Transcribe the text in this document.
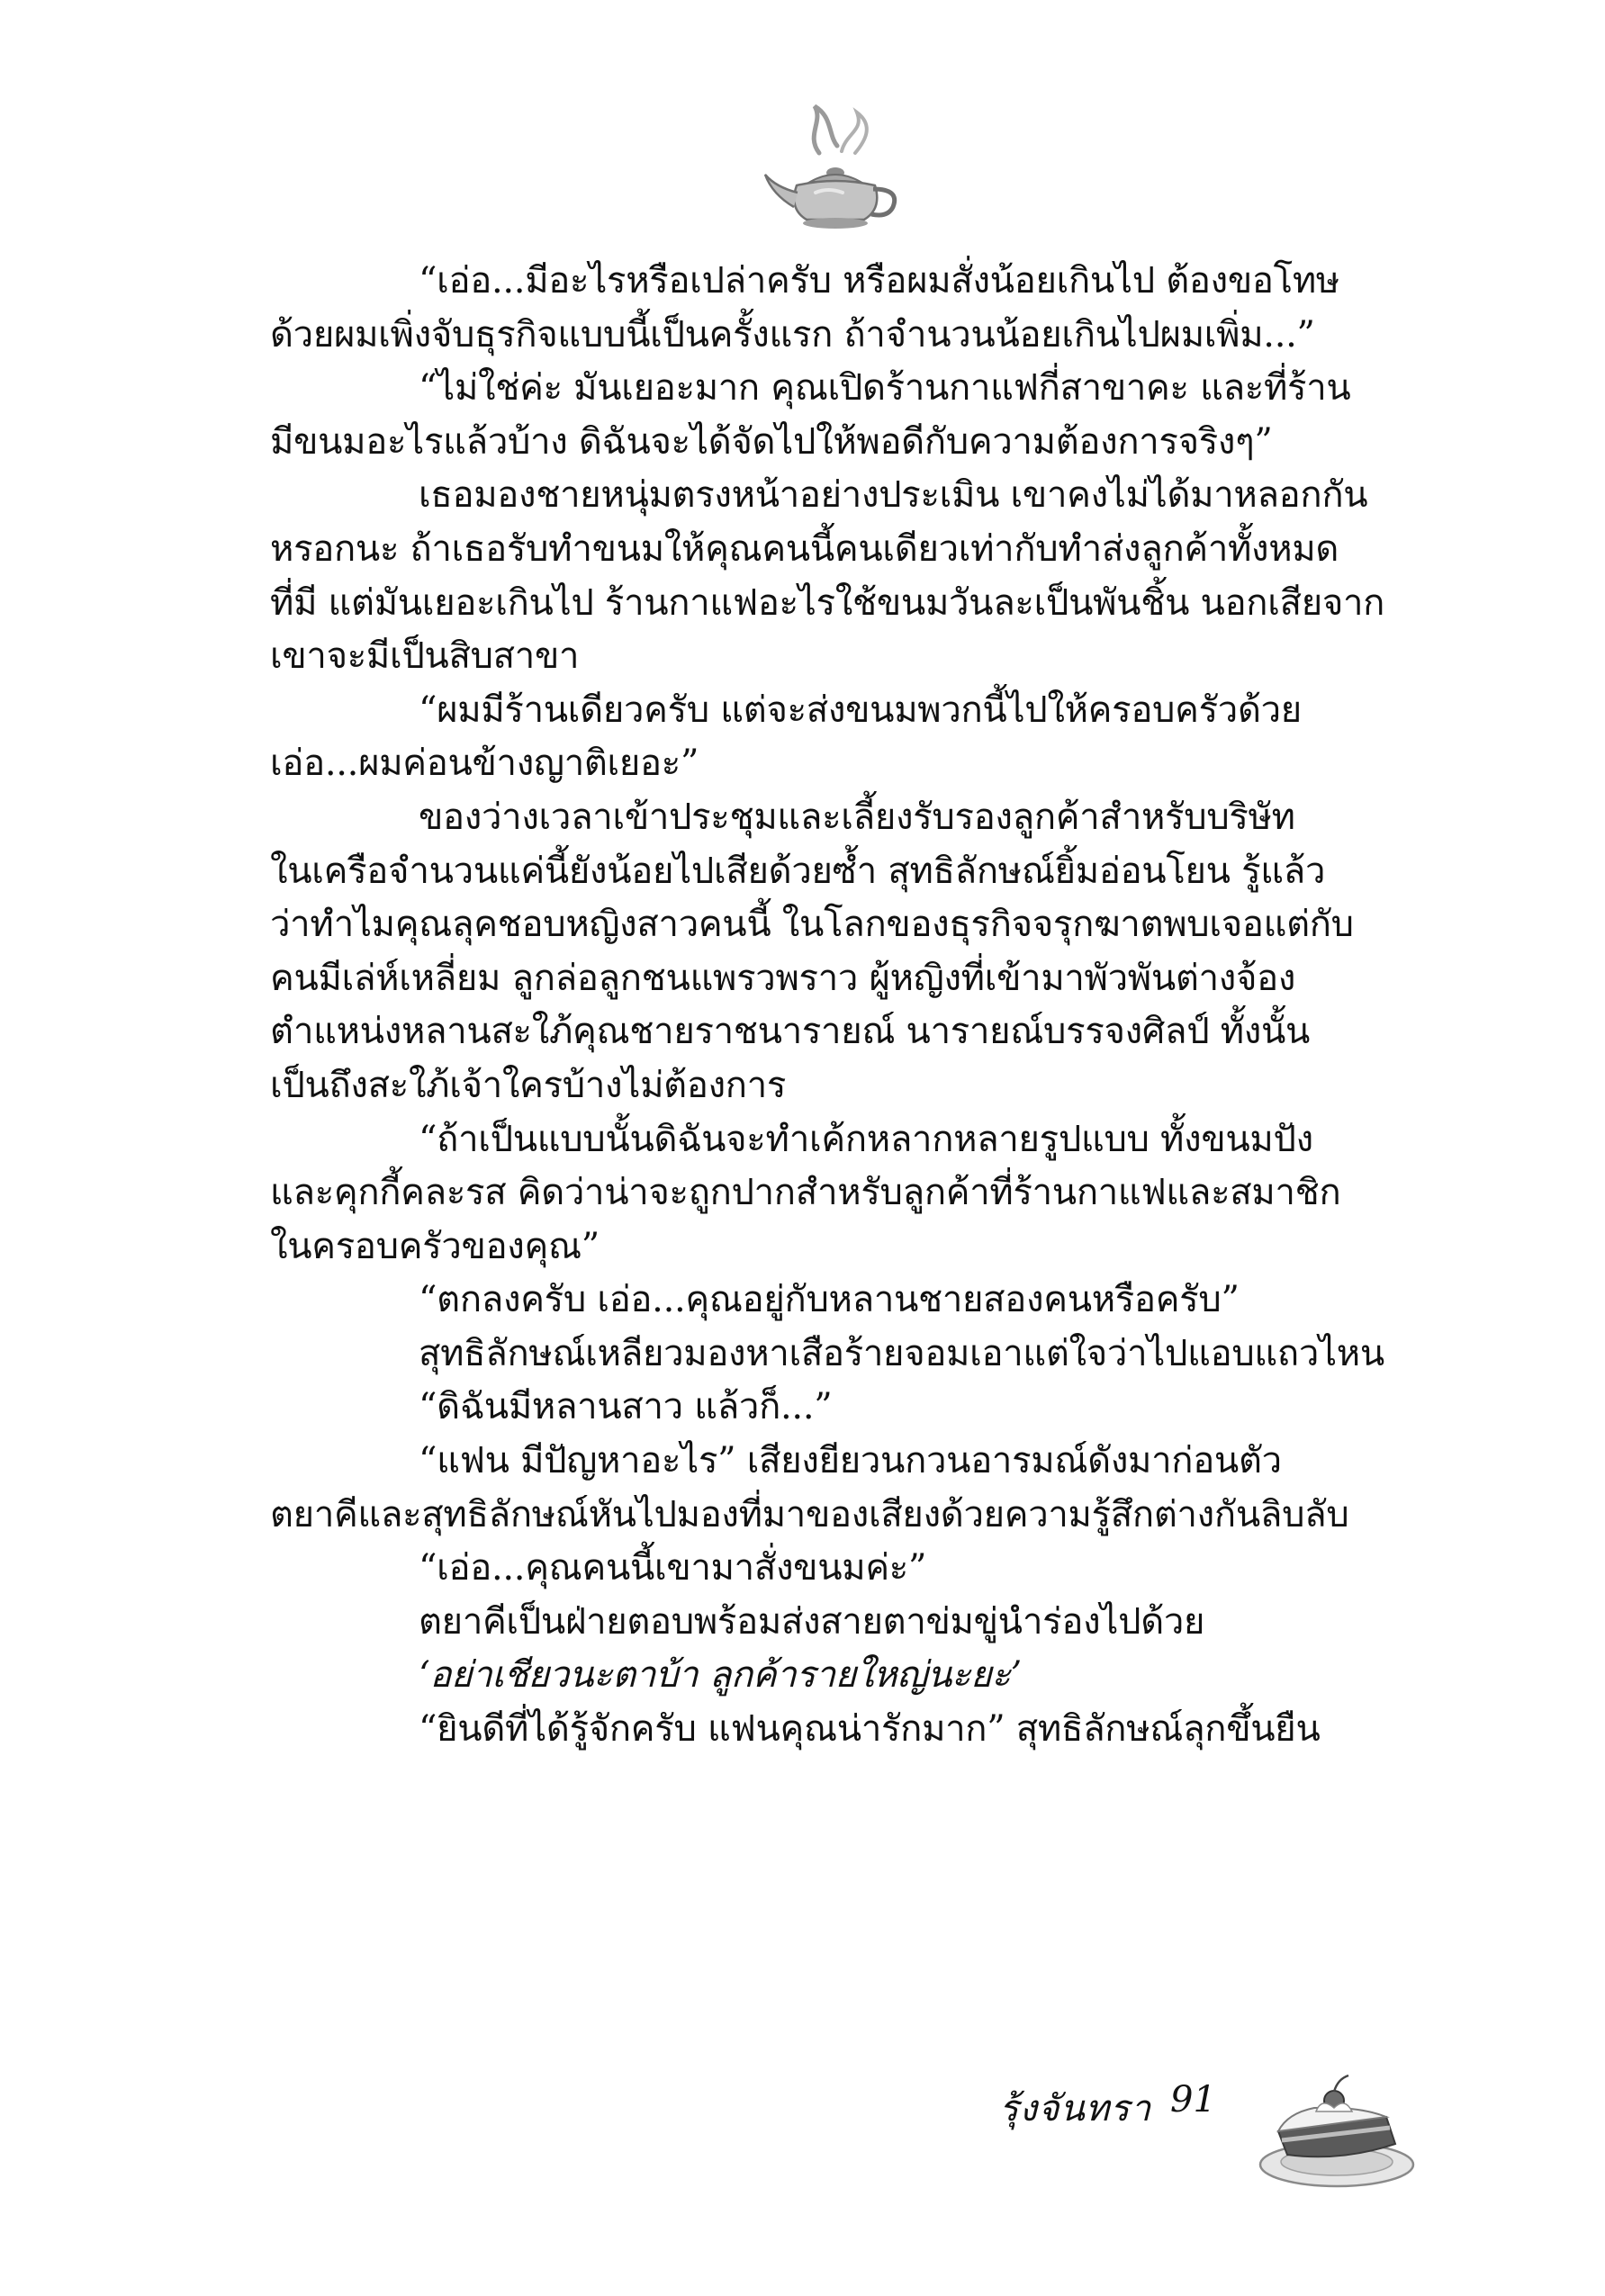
“เอ่อ...มีอะไรหรือเปล่าครับ หรือผมสั่งน้อยเกินไป ต้องขอโทษ
ด้วยผมเพิ่งจับธุรกิจแบบนี้เป็นครั้งแรก ถ้าจำนวนน้อยเกินไปผมเพิ่ม...”
“ไม่ใช่ค่ะ มันเยอะมาก คุณเปิดร้านกาแฟกี่สาขาคะ และที่ร้าน
มีขนมอะไรแล้วบ้าง ดิฉันจะได้จัดไปให้พอดีกับความต้องการจริงๆ”
เธอมองชายหนุ่มตรงหน้าอย่างประเมิน เขาคงไม่ได้มาหลอกกัน
หรอกนะ ถ้าเธอรับทำขนมให้คุณคนนี้คนเดียวเท่ากับทำส่งลูกค้าทั้งหมด
ที่มี แต่มันเยอะเกินไป ร้านกาแฟอะไรใช้ขนมวันละเป็นพันชิ้น นอกเสียจาก
เขาจะมีเป็นสิบสาขา
“ผมมีร้านเดียวครับ แต่จะส่งขนมพวกนี้ไปให้ครอบครัวด้วย
เอ่อ...ผมค่อนข้างญาติเยอะ”
ของว่างเวลาเข้าประชุมและเลี้ยงรับรองลูกค้าสำหรับบริษัท
ในเครือจำนวนแค่นี้ยังน้อยไปเสียด้วยซ้ำ สุทธิลักษณ์ยิ้มอ่อนโยน รู้แล้ว
ว่าทำไมคุณลุคชอบหญิงสาวคนนี้ ในโลกของธุรกิจจรุกฆาตพบเจอแต่กับ
คนมีเล่ห์เหลี่ยม ลูกล่อลูกชนแพรวพราว ผู้หญิงที่เข้ามาพัวพันต่างจ้อง
ตำแหน่งหลานสะใภ้คุณชายราชนารายณ์ นารายณ์บรรจงศิลป์ ทั้งนั้น
เป็นถึงสะใภ้เจ้าใครบ้างไม่ต้องการ
“ถ้าเป็นแบบนั้นดิฉันจะทำเค้กหลากหลายรูปแบบ ทั้งขนมปัง
และคุกกี้คละรส คิดว่าน่าจะถูกปากสำหรับลูกค้าที่ร้านกาแฟและสมาชิก
ในครอบครัวของคุณ”
“ตกลงครับ เอ่อ...คุณอยู่กับหลานชายสองคนหรือครับ”
สุทธิลักษณ์เหลียวมองหาเสือร้ายจอมเอาแต่ใจว่าไปแอบแถวไหน
“ดิฉันมีหลานสาว แล้วก็...”
“แฟน มีปัญหาอะไร” เสียงยียวนกวนอารมณ์ดังมาก่อนตัว
ตยาคีและสุทธิลักษณ์หันไปมองที่มาของเสียงด้วยความรู้สึกต่างกันลิบลับ
“เอ่อ...คุณคนนี้เขามาสั่งขนมค่ะ”
ตยาคีเป็นฝ่ายตอบพร้อมส่งสายตาข่มขู่นำร่องไปด้วย
‘อย่าเชียวนะตาบ้า ลูกค้ารายใหญ่นะยะ’
“ยินดีที่ได้รู้จักครับ แฟนคุณน่ารักมาก” สุทธิลักษณ์ลุกขึ้นยืน
รุ้งจันทรา 91
